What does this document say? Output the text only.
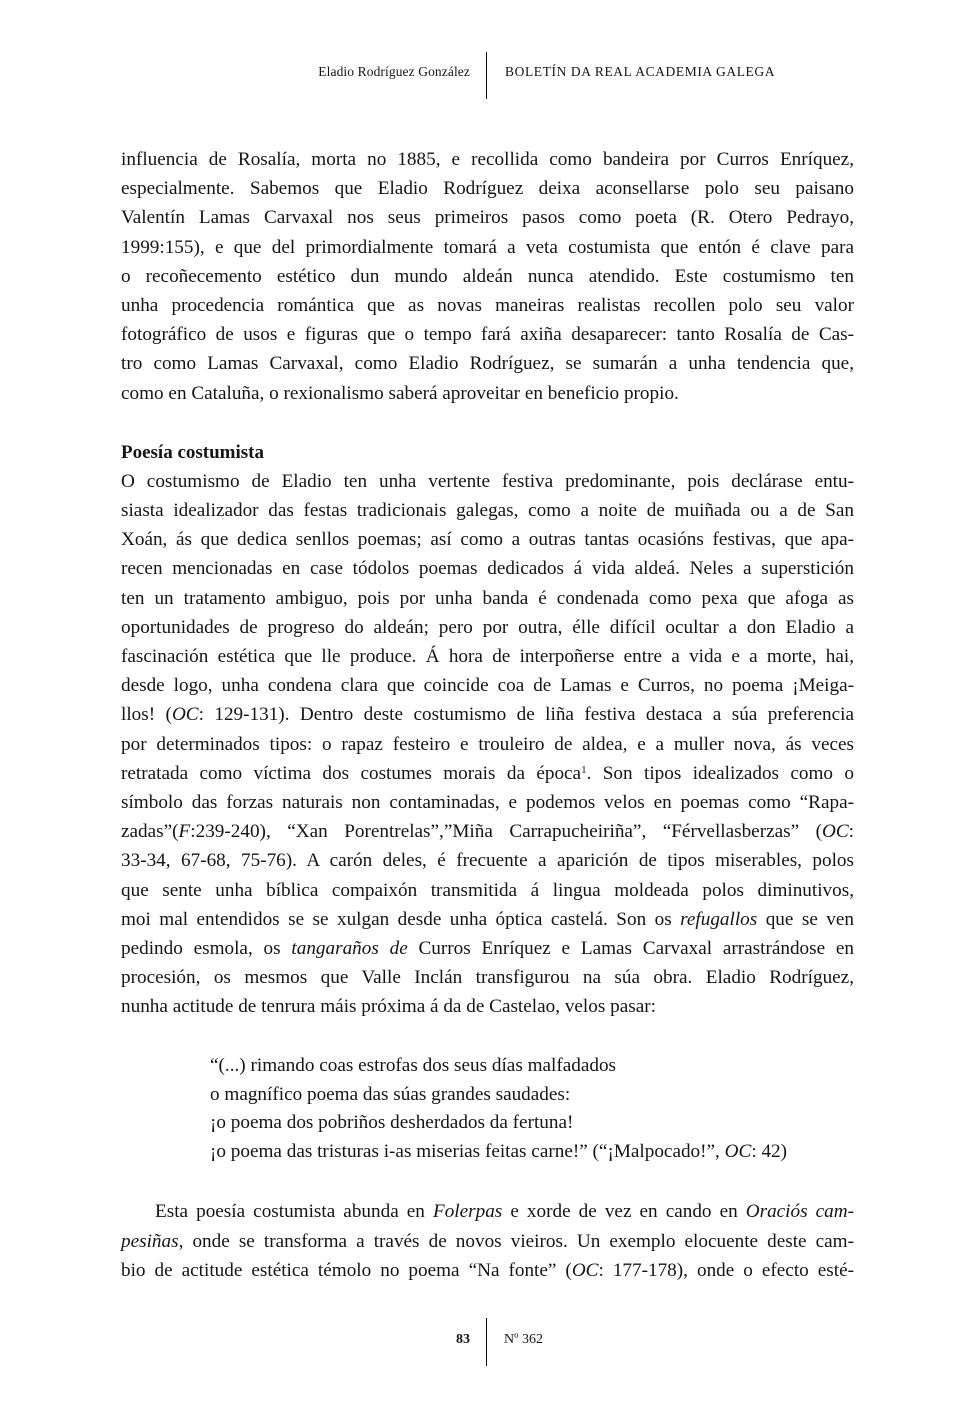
Eladio Rodríguez González	BOLETÍN DA REAL ACADEMIA GALEGA
influencia de Rosalía, morta no 1885, e recollida como bandeira por Curros Enríquez,
especialmente. Sabemos que Eladio Rodríguez deixa aconsellarse polo seu paisano
Valentín Lamas Carvaxal nos seus primeiros pasos como poeta (R. Otero Pedrayo,
1999:155), e que del primordialmente tomará a veta costumista que entón é clave para
o recoñecemento estético dun mundo aldeán nunca atendido. Este costumismo ten
unha procedencia romántica que as novas maneiras realistas recollen polo seu valor
fotográfico de usos e figuras que o tempo fará axiña desaparecer: tanto Rosalía de Cas-
tro como Lamas Carvaxal, como Eladio Rodríguez, se sumarán a unha tendencia que,
como en Cataluña, o rexionalismo saberá aproveitar en beneficio propio.
Poesía costumista
O costumismo de Eladio ten unha vertente festiva predominante, pois declárase entu-
siasta idealizador das festas tradicionais galegas, como a noite de muiñada ou a de San
Xoán, ás que dedica senllos poemas; así como a outras tantas ocasións festivas, que apa-
recen mencionadas en case tódolos poemas dedicados á vida aldeá. Neles a superstición
ten un tratamento ambiguo, pois por unha banda é condenada como pexa que afoga as
oportunidades de progreso do aldeán; pero por outra, élle difícil ocultar a don Eladio a
fascinación estética que lle produce. Á hora de interpoñerse entre a vida e a morte, hai,
desde logo, unha condena clara que coincide coa de Lamas e Curros, no poema ¡Meiga-
llos! (OC: 129-131). Dentro deste costumismo de liña festiva destaca a súa preferencia
por determinados tipos: o rapaz festeiro e trouleiro de aldea, e a muller nova, ás veces
retratada como víctima dos costumes morais da época$^1$. Son tipos idealizados como o
símbolo das forzas naturais non contaminadas, e podemos velos en poemas como “Rapa-
zadas”(F:239-240), “Xan Porentrelas”,”Miña Carrapucheiriña”, “Férvellasberzas” (OC:
33-34, 67-68, 75-76). A carón deles, é frecuente a aparición de tipos miserables, polos
que sente unha bíblica compaixón transmitida á lingua moldeada polos diminutivos,
moi mal entendidos se se xulgan desde unha óptica castelá. Son os refugallos que se ven
pedindo esmola, os tangaraños de Curros Enríquez e Lamas Carvaxal arrastrándose en
procesión, os mesmos que Valle Inclán transfigurou na súa obra. Eladio Rodríguez,
nunha actitude de tenrura máis próxima á da de Castelao, velos pasar:
“(...) rimando coas estrofas dos seus días malfadados
o magnífico poema das súas grandes saudades:
¡o poema dos pobriños desherdados da fertuna!
¡o poema das tristuras i-as miserias feitas carne!” (“¡Malpocado!”, OC: 42)
Esta poesía costumista abunda en Folerpas e xorde de vez en cando en Oraciós cam-
pesiñas, onde se transforma a través de novos vieiros. Un exemplo elocuente deste cam-
bio de actitude estética témolo no poema “Na fonte” (OC: 177-178), onde o efecto esté-
83 Nº 362
